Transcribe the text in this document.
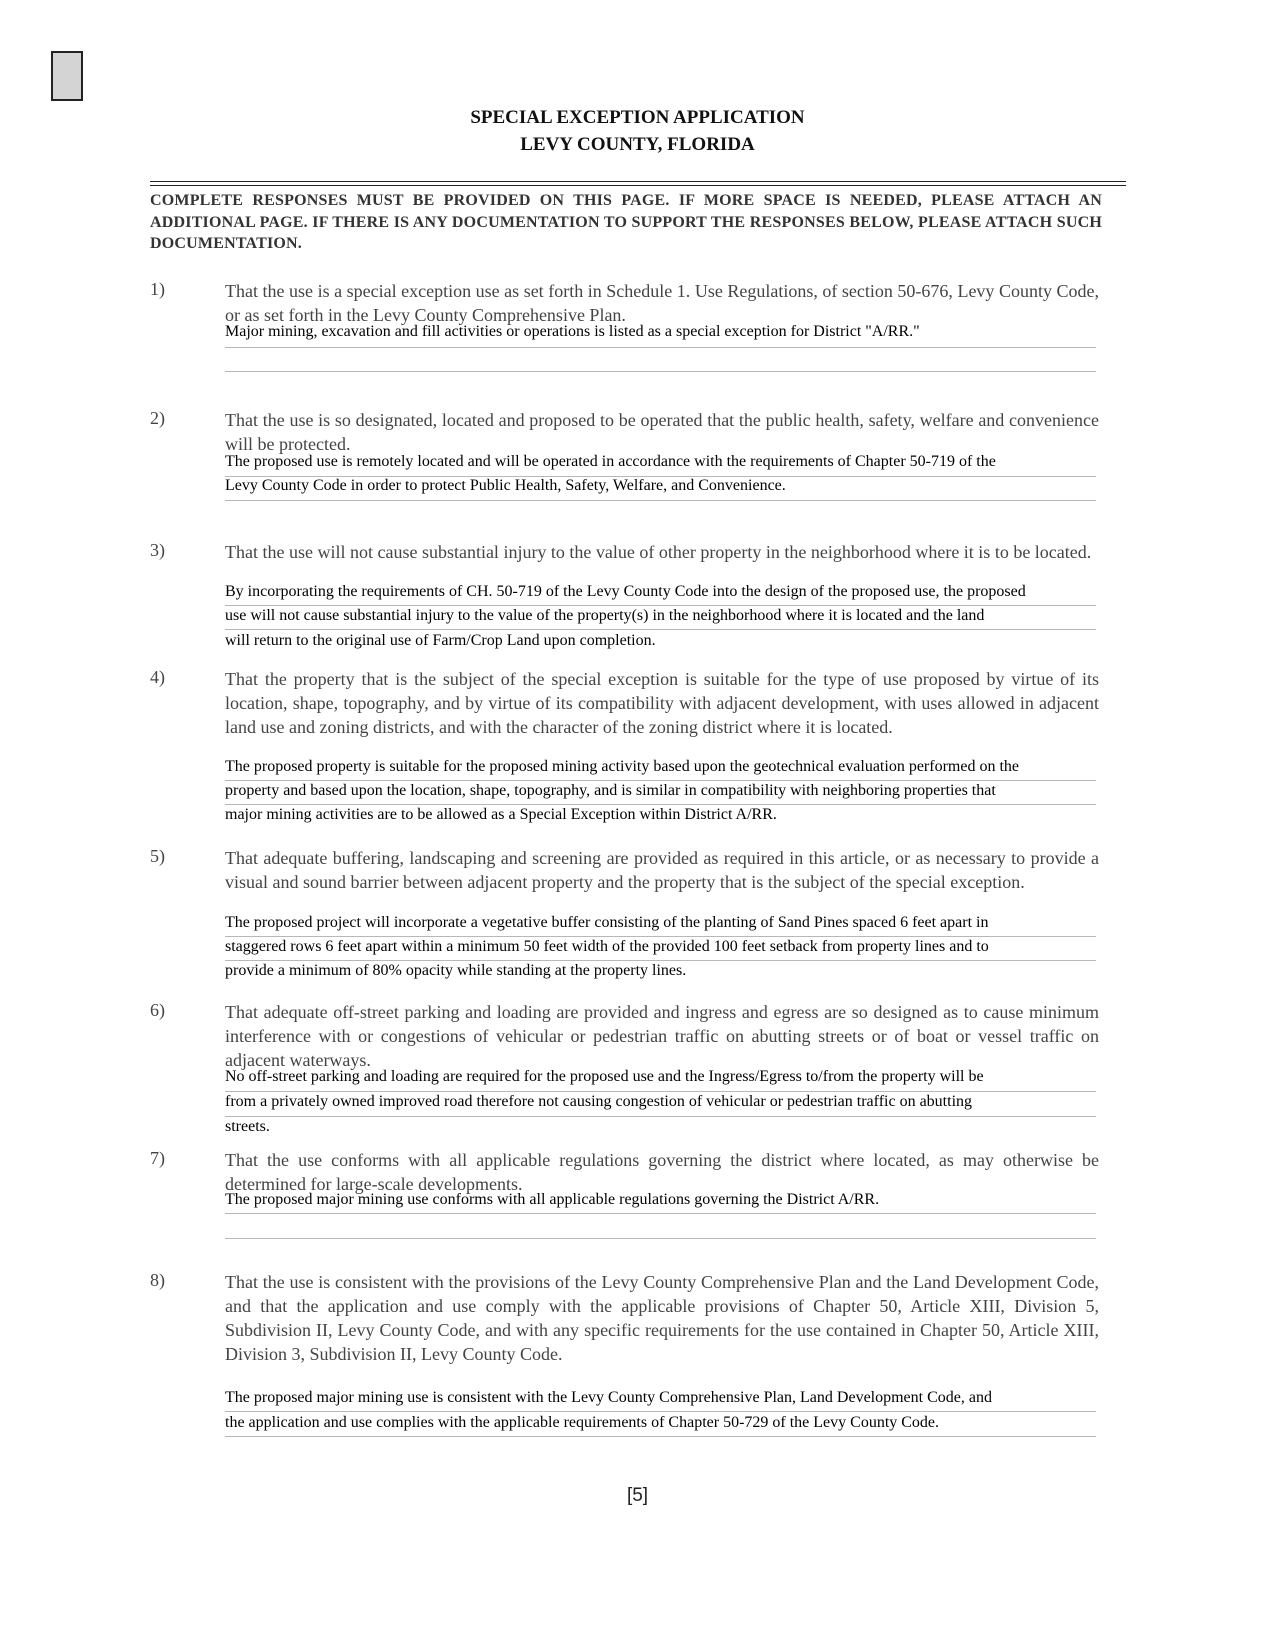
SPECIAL EXCEPTION APPLICATION
LEVY COUNTY, FLORIDA
COMPLETE RESPONSES MUST BE PROVIDED ON THIS PAGE. IF MORE SPACE IS NEEDED, PLEASE ATTACH AN ADDITIONAL PAGE. IF THERE IS ANY DOCUMENTATION TO SUPPORT THE RESPONSES BELOW, PLEASE ATTACH SUCH DOCUMENTATION.
1)	That the use is a special exception use as set forth in Schedule 1. Use Regulations, of section 50-676, Levy County Code, or as set forth in the Levy County Comprehensive Plan.
Major mining, excavation and fill activities or operations is listed as a special exception for District "A/RR."
2)	That the use is so designated, located and proposed to be operated that the public health, safety, welfare and convenience will be protected.
The proposed use is remotely located and will be operated in accordance with the requirements of Chapter 50-719 of the
Levy County Code in order to protect Public Health, Safety, Welfare, and Convenience.
3)	That the use will not cause substantial injury to the value of other property in the neighborhood where it is to be located.
By incorporating the requirements of CH. 50-719 of the Levy County Code into the design of the proposed use, the proposed
use will not cause substantial injury to the value of the property(s) in the neighborhood where it is located and the land
will return to the original use of Farm/Crop Land upon completion.
4)	That the property that is the subject of the special exception is suitable for the type of use proposed by virtue of its location, shape, topography, and by virtue of its compatibility with adjacent development, with uses allowed in adjacent land use and zoning districts, and with the character of the zoning district where it is located.
The proposed property is suitable for the proposed mining activity based upon the geotechnical evaluation performed on the
property and based upon the location, shape, topography, and is similar in compatibility with neighboring properties that
major mining activities are to be allowed as a Special Exception within District A/RR.
5)	That adequate buffering, landscaping and screening are provided as required in this article, or as necessary to provide a visual and sound barrier between adjacent property and the property that is the subject of the special exception.
The proposed project will incorporate a vegetative buffer consisting of the planting of Sand Pines spaced 6 feet apart in
staggered rows 6 feet apart within a minimum 50 feet width of the provided 100 feet setback from property lines and to
provide a minimum of 80% opacity while standing at the property lines.
6)	That adequate off-street parking and loading are provided and ingress and egress are so designed as to cause minimum interference with or congestions of vehicular or pedestrian traffic on abutting streets or of boat or vessel traffic on adjacent waterways.
No off-street parking and loading are required for the proposed use and the Ingress/Egress to/from the property will be
from a privately owned improved road therefore not causing congestion of vehicular or pedestrian traffic on abutting
streets.
7)	That the use conforms with all applicable regulations governing the district where located, as may otherwise be determined for large-scale developments.
The proposed major mining use conforms with all applicable regulations governing the District A/RR.
8)	That the use is consistent with the provisions of the Levy County Comprehensive Plan and the Land Development Code, and that the application and use comply with the applicable provisions of Chapter 50, Article XIII, Division 5, Subdivision II, Levy County Code, and with any specific requirements for the use contained in Chapter 50, Article XIII, Division 3, Subdivision II, Levy County Code.
The proposed major mining use is consistent with the Levy County Comprehensive Plan, Land Development Code, and
the application and use complies with the applicable requirements of Chapter 50-729 of the Levy County Code.
[5]
